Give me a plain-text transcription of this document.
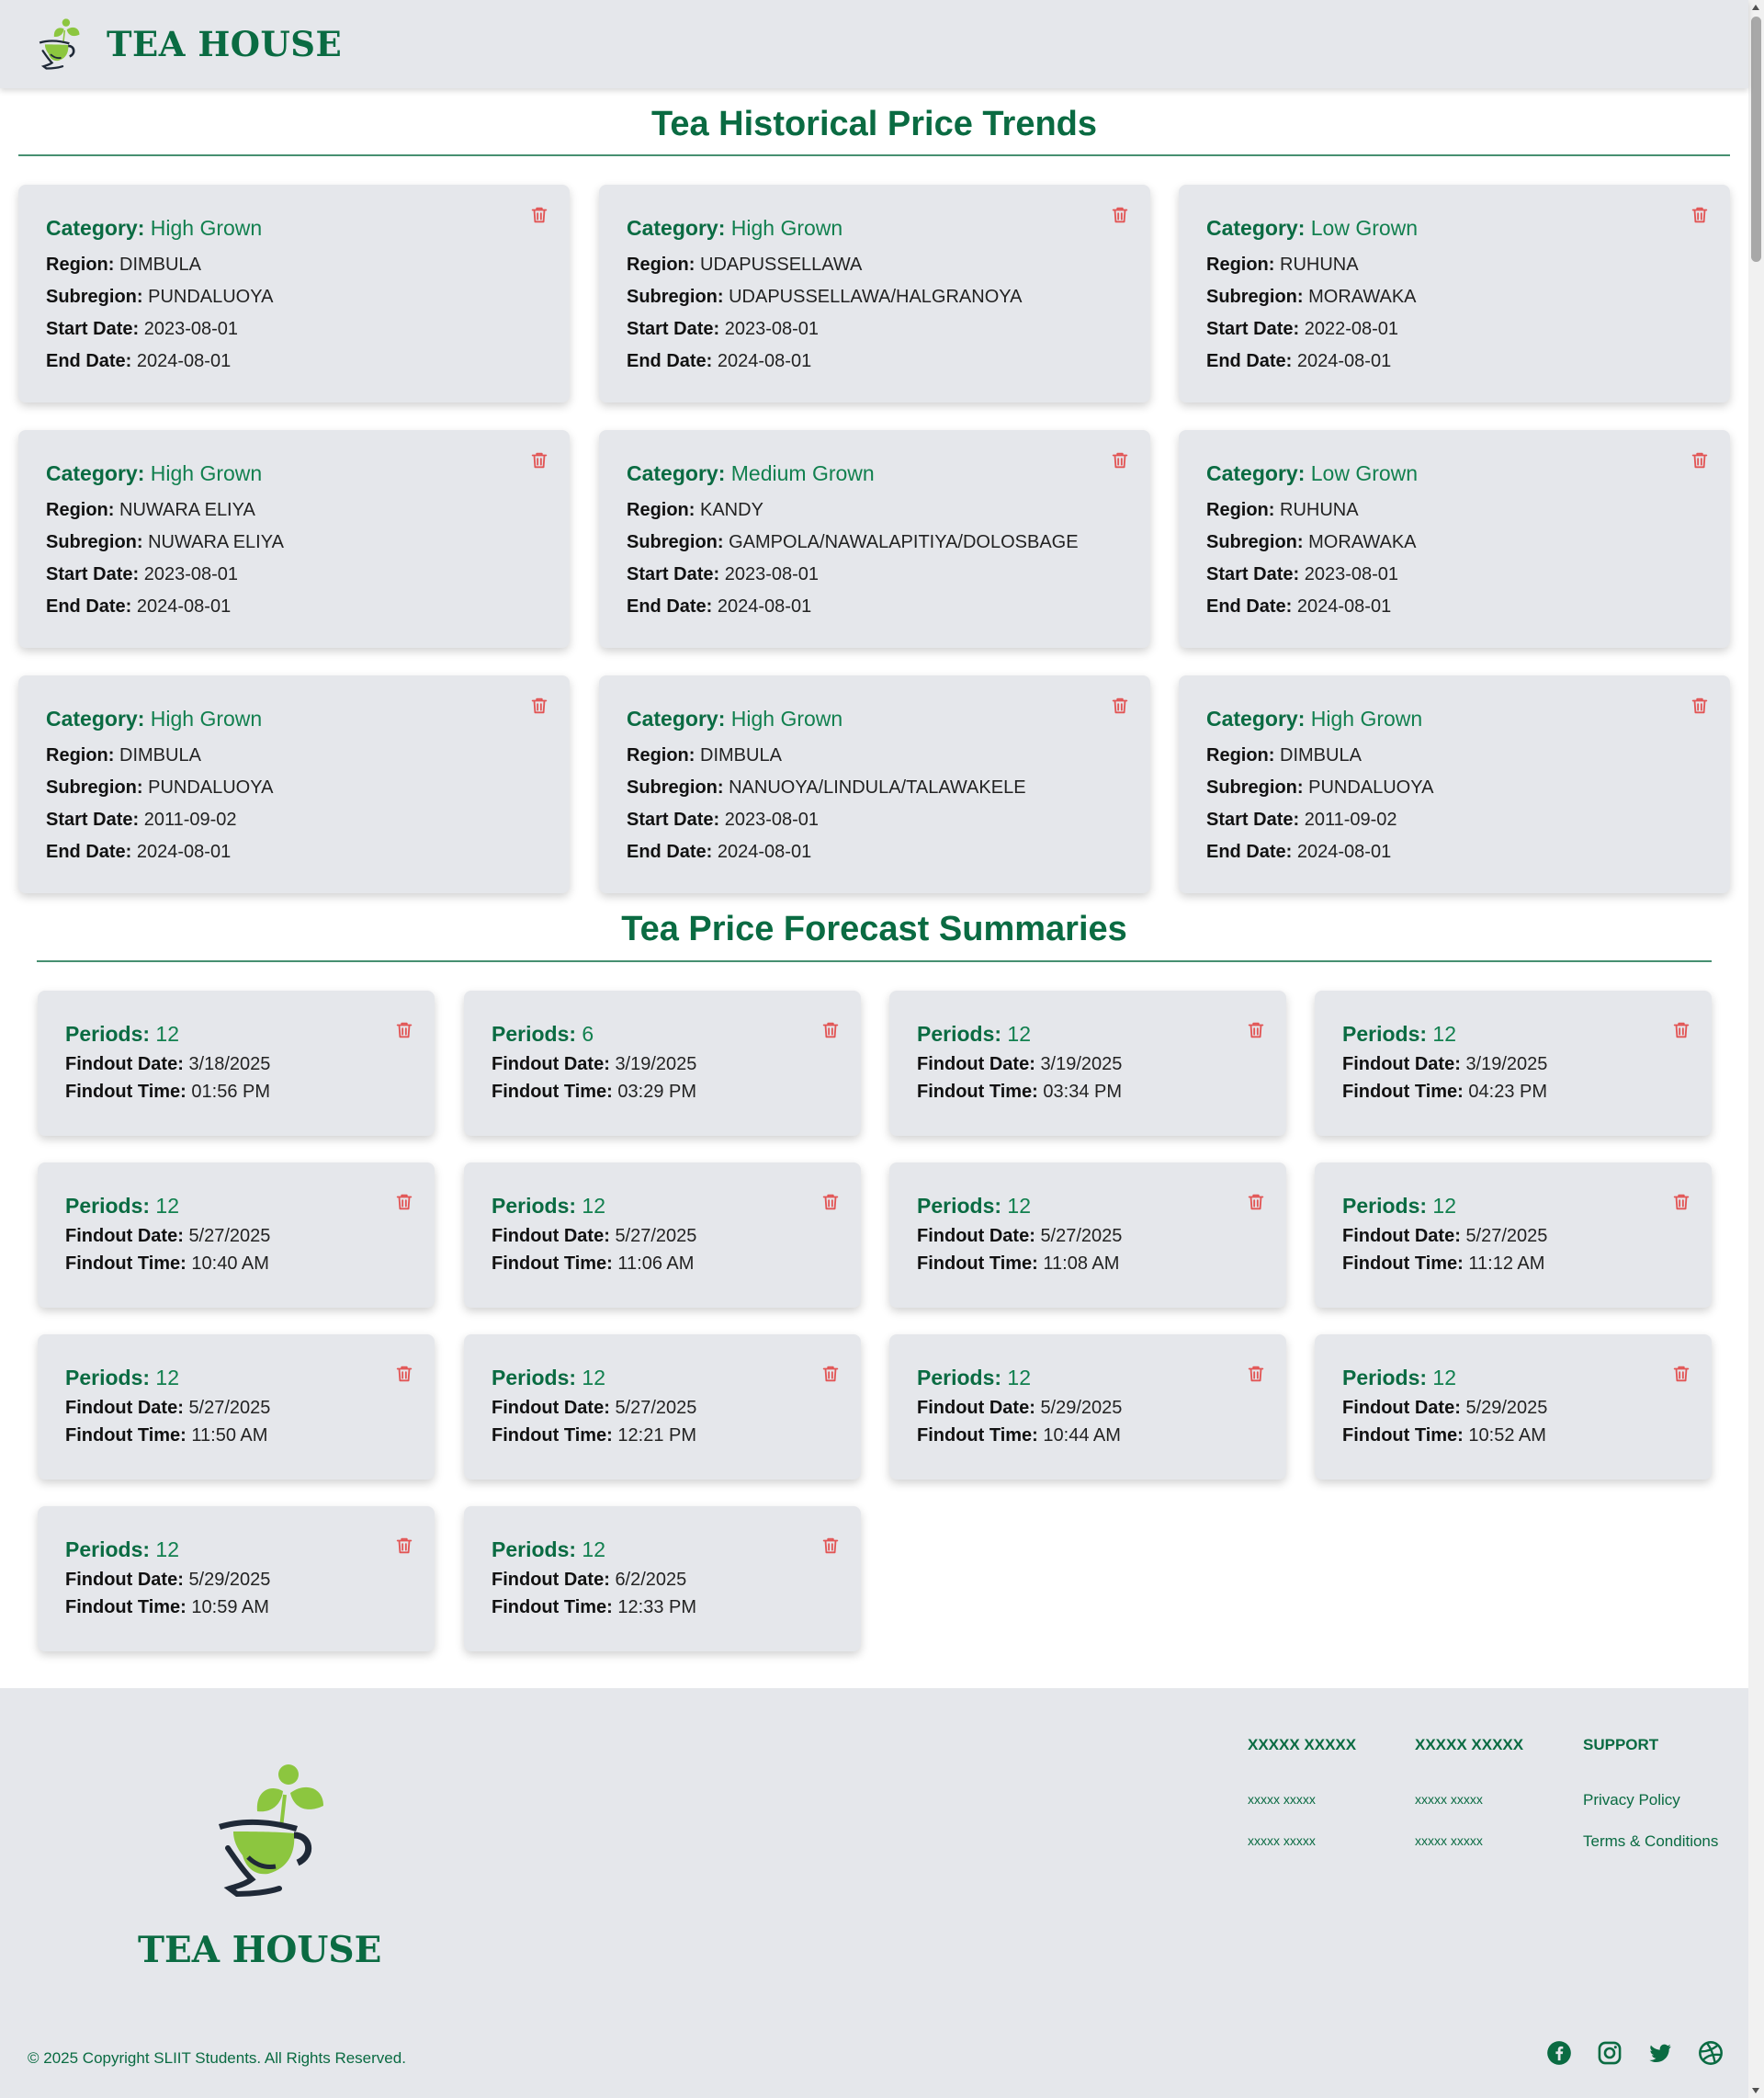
TEA HOUSE
Tea Historical Price Trends
Category: High Grown
Region: DIMBULA
Subregion: PUNDALUOYA
Start Date: 2023-08-01
End Date: 2024-08-01
Category: High Grown
Region: UDAPUSSELLAWA
Subregion: UDAPUSSELLAWA/HALGRANOYA
Start Date: 2023-08-01
End Date: 2024-08-01
Category: Low Grown
Region: RUHUNA
Subregion: MORAWAKA
Start Date: 2022-08-01
End Date: 2024-08-01
Category: High Grown
Region: NUWARA ELIYA
Subregion: NUWARA ELIYA
Start Date: 2023-08-01
End Date: 2024-08-01
Category: Medium Grown
Region: KANDY
Subregion: GAMPOLA/NAWALAPITIYA/DOLOSBAGE
Start Date: 2023-08-01
End Date: 2024-08-01
Category: Low Grown
Region: RUHUNA
Subregion: MORAWAKA
Start Date: 2023-08-01
End Date: 2024-08-01
Category: High Grown
Region: DIMBULA
Subregion: PUNDALUOYA
Start Date: 2011-09-02
End Date: 2024-08-01
Category: High Grown
Region: DIMBULA
Subregion: NANUOYA/LINDULA/TALAWAKELE
Start Date: 2023-08-01
End Date: 2024-08-01
Category: High Grown
Region: DIMBULA
Subregion: PUNDALUOYA
Start Date: 2011-09-02
End Date: 2024-08-01
Tea Price Forecast Summaries
Periods: 12
Findout Date: 3/18/2025
Findout Time: 01:56 PM
Periods: 6
Findout Date: 3/19/2025
Findout Time: 03:29 PM
Periods: 12
Findout Date: 3/19/2025
Findout Time: 03:34 PM
Periods: 12
Findout Date: 3/19/2025
Findout Time: 04:23 PM
Periods: 12
Findout Date: 5/27/2025
Findout Time: 10:40 AM
Periods: 12
Findout Date: 5/27/2025
Findout Time: 11:06 AM
Periods: 12
Findout Date: 5/27/2025
Findout Time: 11:08 AM
Periods: 12
Findout Date: 5/27/2025
Findout Time: 11:12 AM
Periods: 12
Findout Date: 5/27/2025
Findout Time: 11:50 AM
Periods: 12
Findout Date: 5/27/2025
Findout Time: 12:21 PM
Periods: 12
Findout Date: 5/29/2025
Findout Time: 10:44 AM
Periods: 12
Findout Date: 5/29/2025
Findout Time: 10:52 AM
Periods: 12
Findout Date: 5/29/2025
Findout Time: 10:59 AM
Periods: 12
Findout Date: 6/2/2025
Findout Time: 12:33 PM
TEA HOUSE
XXXXX XXXXX
xxxxx xxxxx
xxxxx xxxxx
XXXXX XXXXX
xxxxx xxxxx
xxxxx xxxxx
SUPPORT
Privacy Policy
Terms & Conditions
© 2025 Copyright SLIIT Students. All Rights Reserved.
